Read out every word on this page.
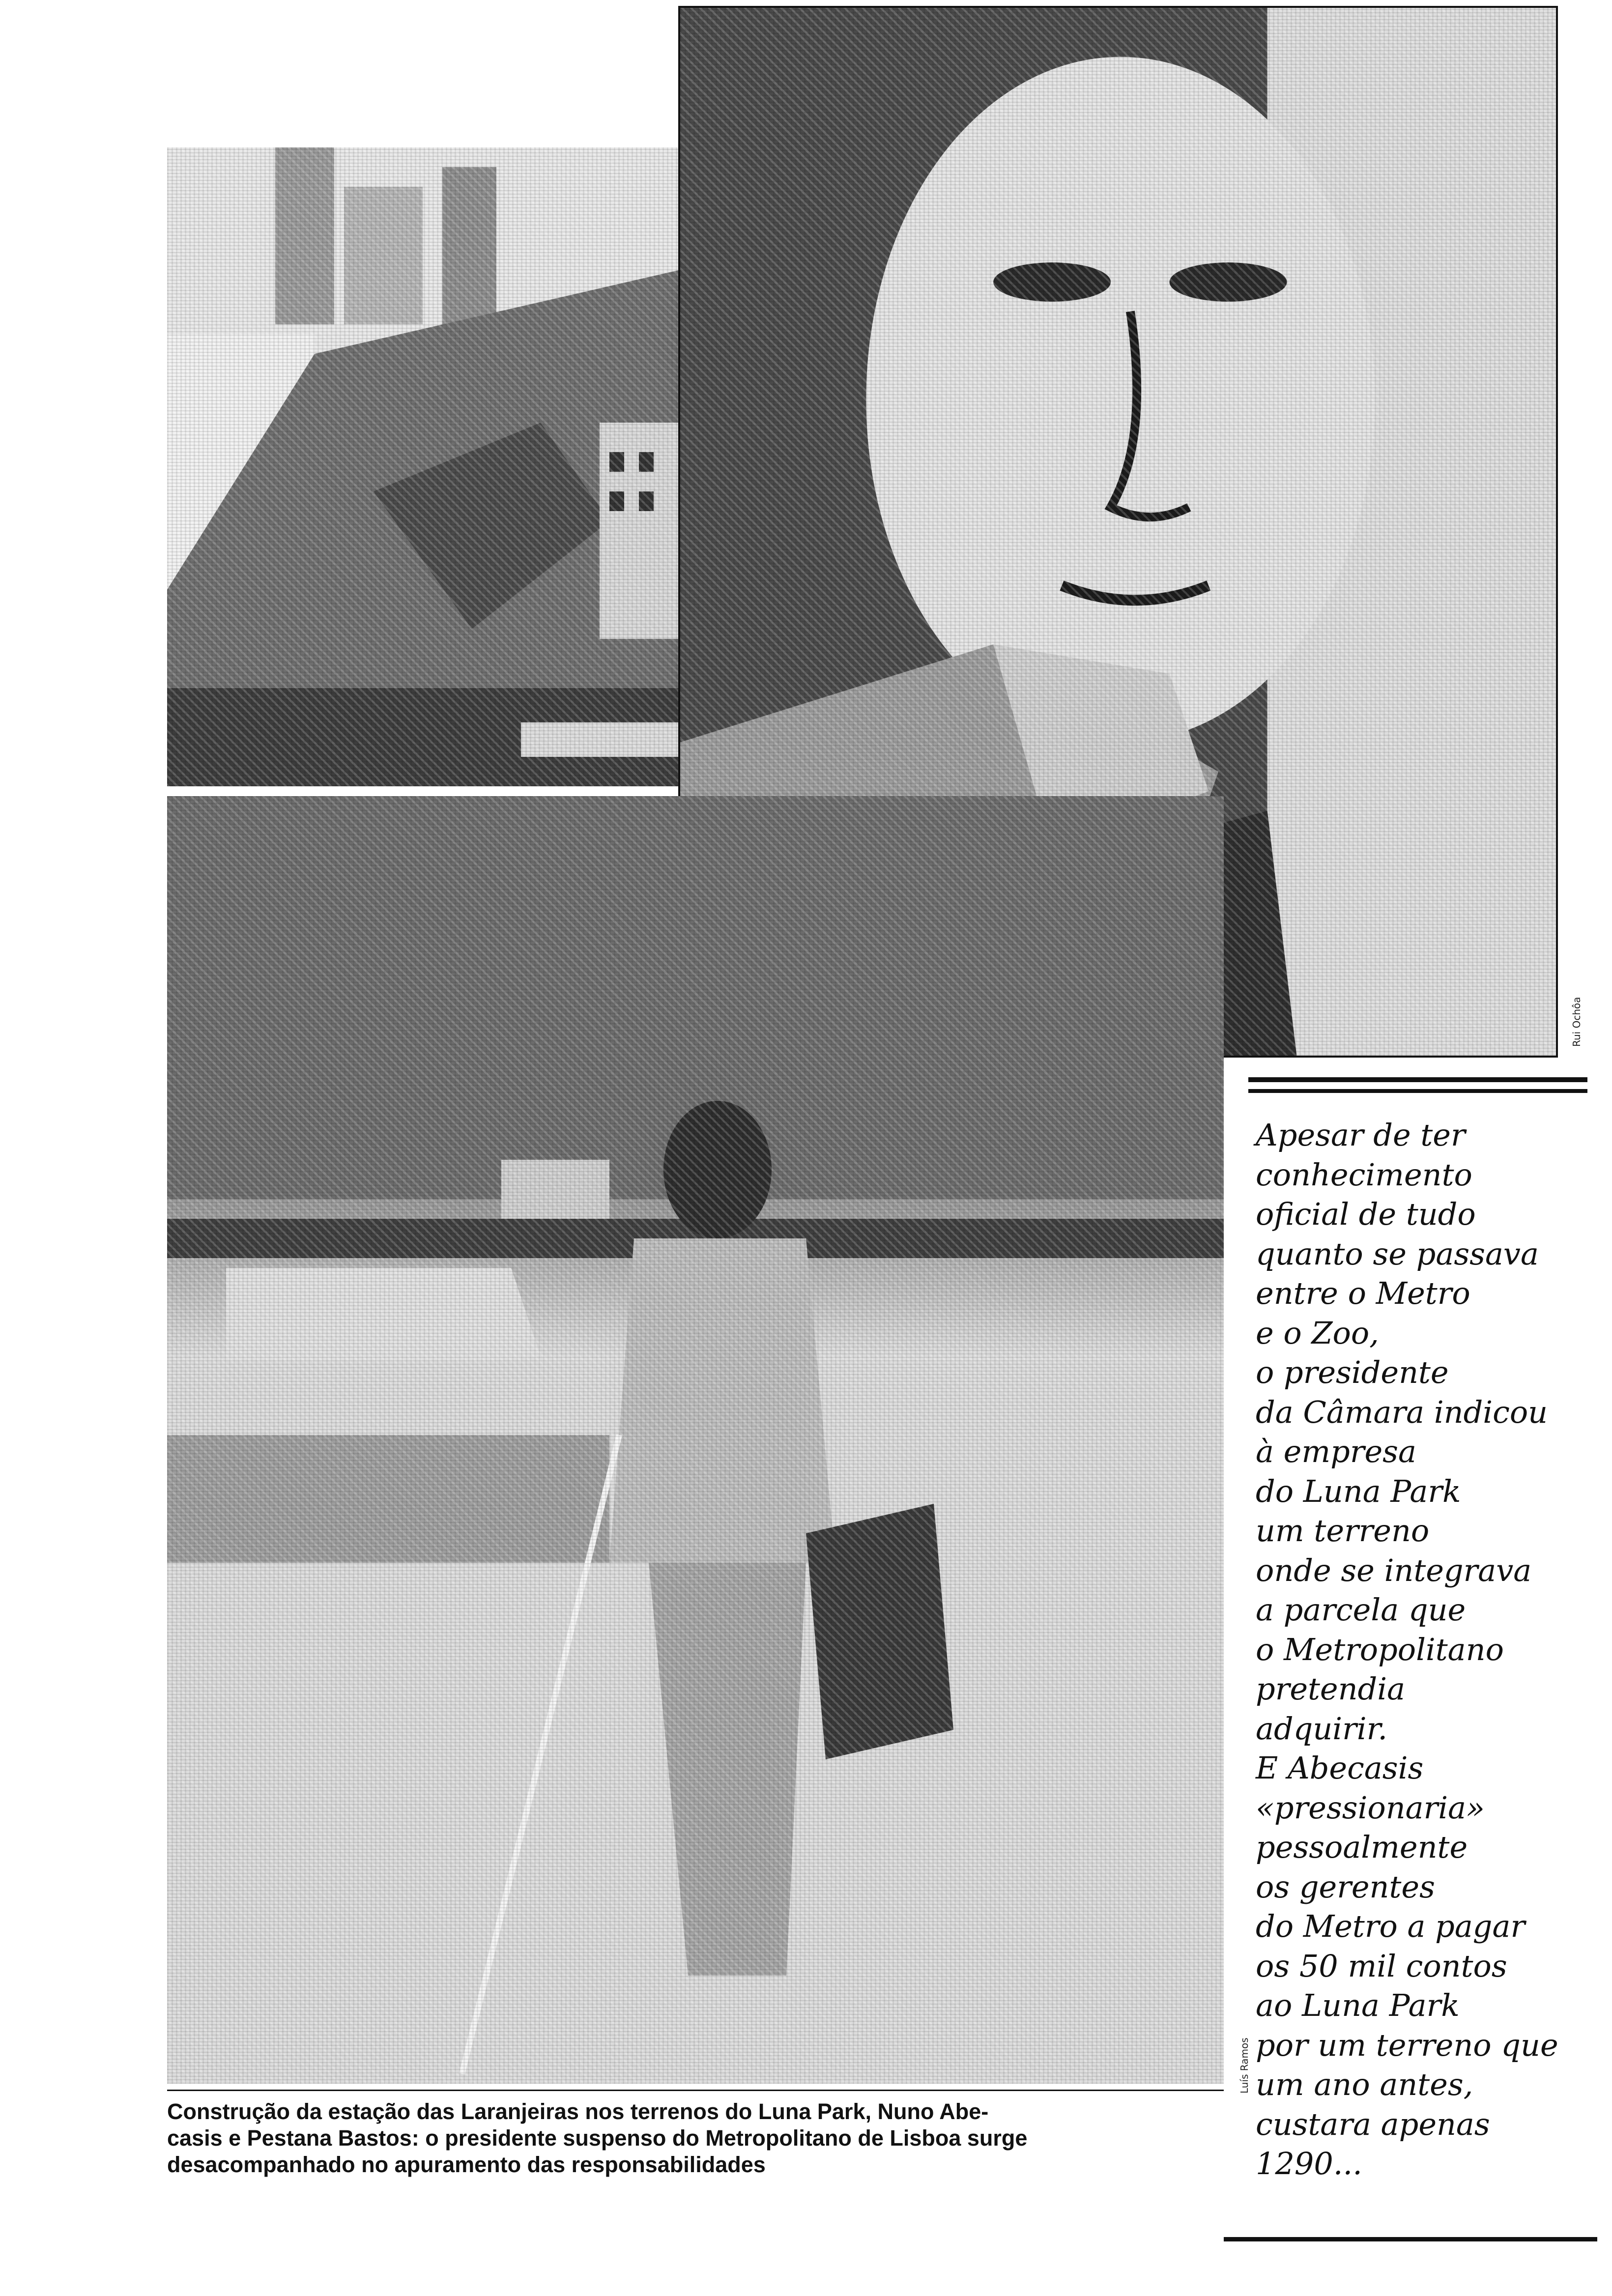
Rui Ochôa
Luís Ramos
Apesar de ter
conhecimento
oficial de tudo
quanto se passava
entre o Metro
e o Zoo,
o presidente
da Câmara indicou
à empresa
do Luna Park
um terreno
onde se integrava
a parcela que
o Metropolitano
pretendia
adquirir.
E Abecasis
«pressionaria»
pessoalmente
os gerentes
do Metro a pagar
os 50 mil contos
ao Luna Park
por um terreno que
um ano antes,
custara apenas
1290...

Construção da estação das Laranjeiras nos terrenos do Luna Park, Nuno Abe-
casis e Pestana Bastos: o presidente suspenso do Metropolitano de Lisboa surge
desacompanhado no apuramento das responsabilidades
